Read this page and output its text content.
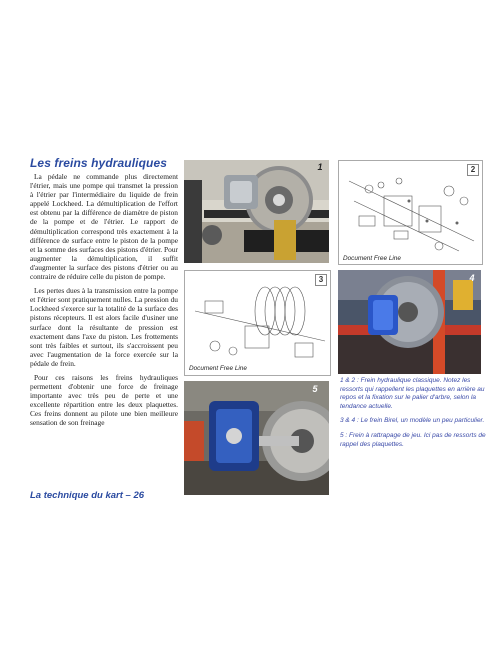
Les freins hydrauliques

La pédale ne commande plus directement l'étrier, mais une pompe qui transmet la pression à l'étrier par l'intermédiaire du liquide de frein appelé Lockheed. La démultiplication de l'effort est obtenu par la différence de diamètre de piston de la pompe et de l'étrier. Le rapport de démultiplication correspond très exactement à la différence de surface entre le piston de la pompe et la somme des surfaces des pistons d'étrier. Pour augmenter la démultiplication, il suffit d'augmenter la surface des pistons d'étrier ou au contraire de réduire celle du piston de pompe.

Les pertes dues à la transmission entre la pompe et l'étrier sont pratiquement nulles. La pression du Lockheed s'exerce sur la totalité de la surface des pistons récepteurs. Il est alors facile d'usiner une surface dont la résultante de pression est exactement dans l'axe du piston. Les frottements sont très faibles et surtout, ils s'accroissent peu avec l'augmentation de la force exercée sur la pédale de frein.

Pour ces raisons les freins hydrauliques permettent d'obtenir une force de freinage importante avec très peu de perte et une excellente répartition entre les deux plaquettes. Ces freins donnent au pilote une bien meilleure sensation de son freinage

La technique du kart – 26
1	2
Document Free Line
3
Document Free Line
4
5

1 & 2 : Frein hydraulique classique. Notez les ressorts qui rappellent les plaquettes en arrière au repos et la fixation sur le palier d'arbre, selon la tendance actuelle.

3 & 4 : Le frein Birel, un modèle un peu particulier.

5 : Frein à rattrapage de jeu. Ici pas de ressorts de rappel des plaquettes.
